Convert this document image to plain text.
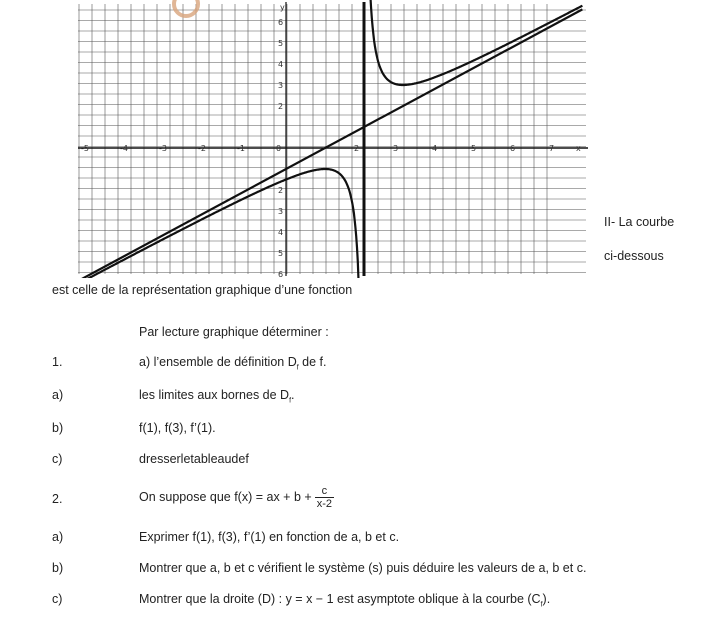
-5	-4	-3	-2	-1	0	2	3	4	5	6	7	x
y
6
5
4
3
2
2
3
4
5
6
II- La courbe
ci-dessous
est celle de la représentation graphique d’une fonction
Par lecture graphique déterminer :
1.	a) l’ensemble de définition $D_f$ de f.
a)	les limites aux bornes de $D_f$.
b)	f(1), f(3), f’(1).
c)	dresserletableaudef
2.	On suppose que f(x) = ax + $b + \frac{c}{x-2}$
a)	Exprimer f(1), f(3), f’(1) en fonction de a, b et c.
b)	Montrer que a, b et c vérifient le système (s) puis déduire les valeurs de a, b et c.
c)	Montrer que la droite (D) : y = x − 1 est asymptote oblique à la courbe $(C_f)$.
